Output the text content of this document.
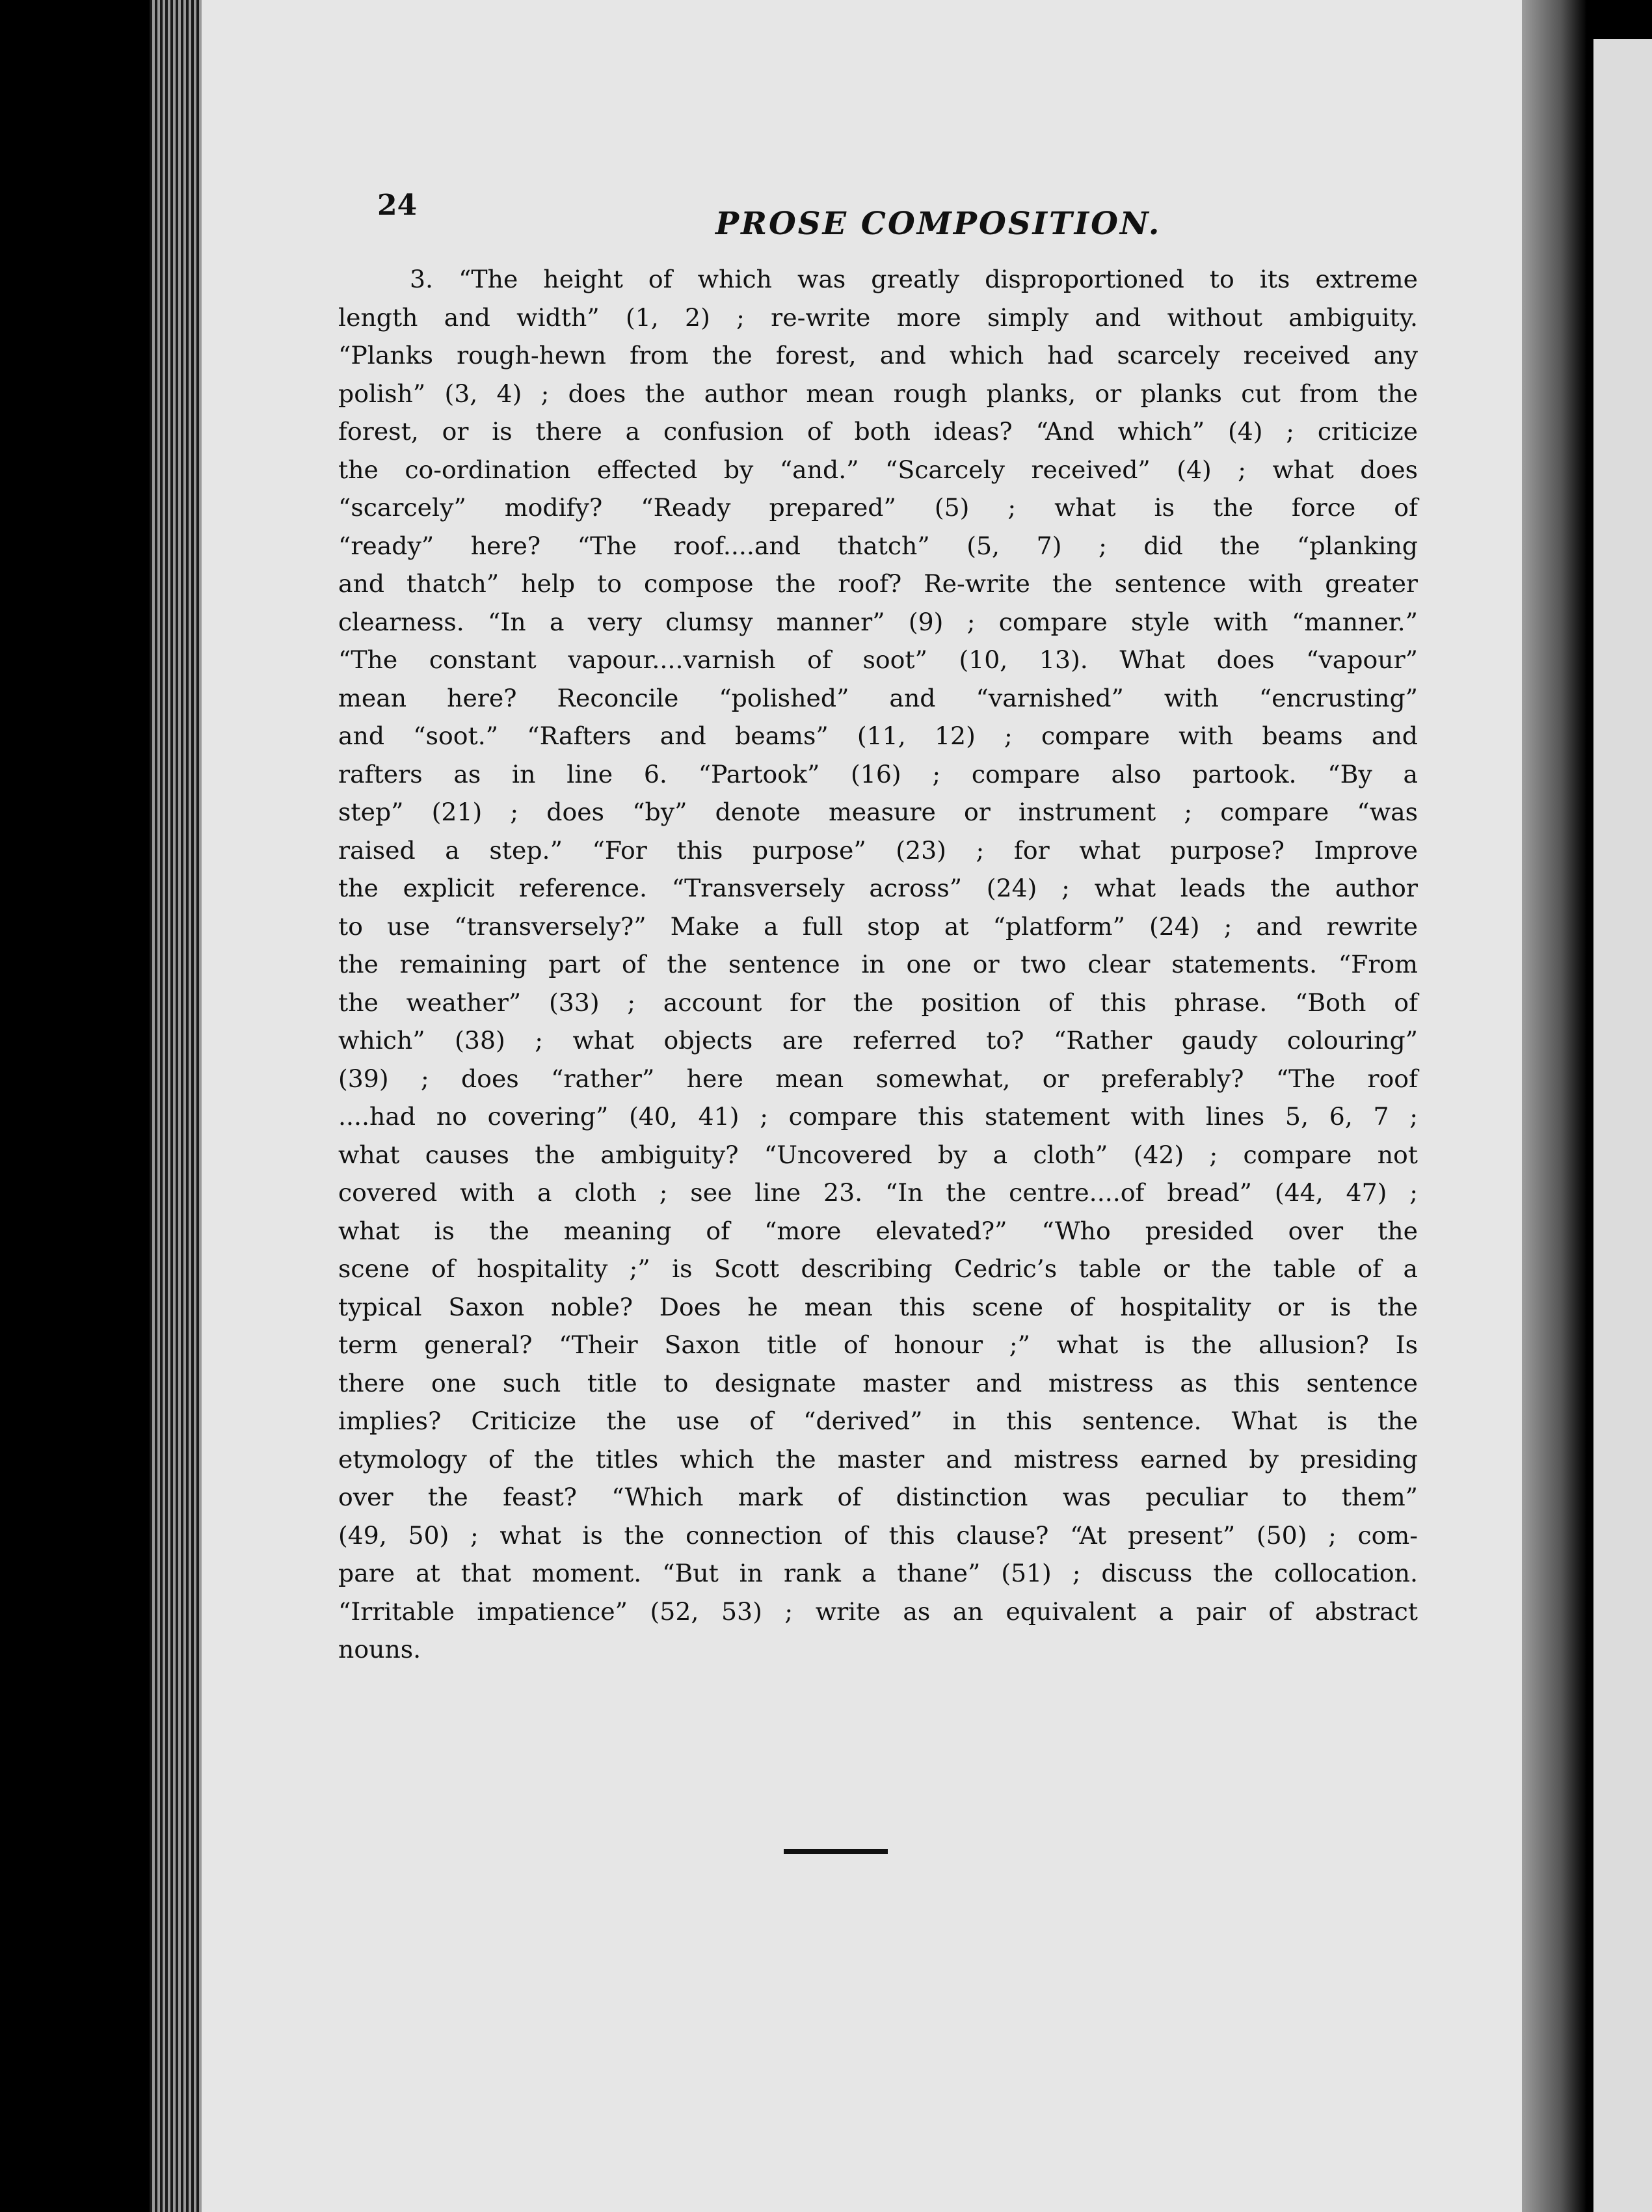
24
PROSE COMPOSITION.
3. “The height of which was greatly disproportioned to its extreme
length and width” (1, 2) ; re-write more simply and without ambiguity.
“Planks rough-hewn from the forest, and which had scarcely received any
polish” (3, 4) ; does the author mean rough planks, or planks cut from the
forest, or is there a confusion of both ideas? “And which” (4) ; criticize
the co-ordination effected by “and.” “Scarcely received” (4) ; what does
“scarcely” modify? “Ready prepared” (5) ; what is the force of
“ready” here? “The roof....and thatch” (5, 7) ; did the “planking
and thatch” help to compose the roof? Re-write the sentence with greater
clearness. “In a very clumsy manner” (9) ; compare style with “manner.”
“The constant vapour....varnish of soot” (10, 13). What does “vapour”
mean here? Reconcile “polished” and “varnished” with “encrusting”
and “soot.” “Rafters and beams” (11, 12) ; compare with beams and
rafters as in line 6. “Partook” (16) ; compare also partook. “By a
step” (21) ; does “by” denote measure or instrument ; compare “was
raised a step.” “For this purpose” (23) ; for what purpose? Improve
the explicit reference. “Transversely across” (24) ; what leads the author
to use “transversely?” Make a full stop at “platform” (24) ; and rewrite
the remaining part of the sentence in one or two clear statements. “From
the weather” (33) ; account for the position of this phrase. “Both of
which” (38) ; what objects are referred to? “Rather gaudy colouring”
(39) ; does “rather” here mean somewhat, or preferably? “The roof
....had no covering” (40, 41) ; compare this statement with lines 5, 6, 7 ;
what causes the ambiguity? “Uncovered by a cloth” (42) ; compare not
covered with a cloth ; see line 23. “In the centre....of bread” (44, 47) ;
what is the meaning of “more elevated?” “Who presided over the
scene of hospitality ;” is Scott describing Cedric’s table or the table of a
typical Saxon noble? Does he mean this scene of hospitality or is the
term general? “Their Saxon title of honour ;” what is the allusion? Is
there one such title to designate master and mistress as this sentence
implies? Criticize the use of “derived” in this sentence. What is the
etymology of the titles which the master and mistress earned by presiding
over the feast? “Which mark of distinction was peculiar to them”
(49, 50) ; what is the connection of this clause? “At present” (50) ; com-
pare at that moment. “But in rank a thane” (51) ; discuss the collocation.
“Irritable impatience” (52, 53) ; write as an equivalent a pair of abstract
nouns.
